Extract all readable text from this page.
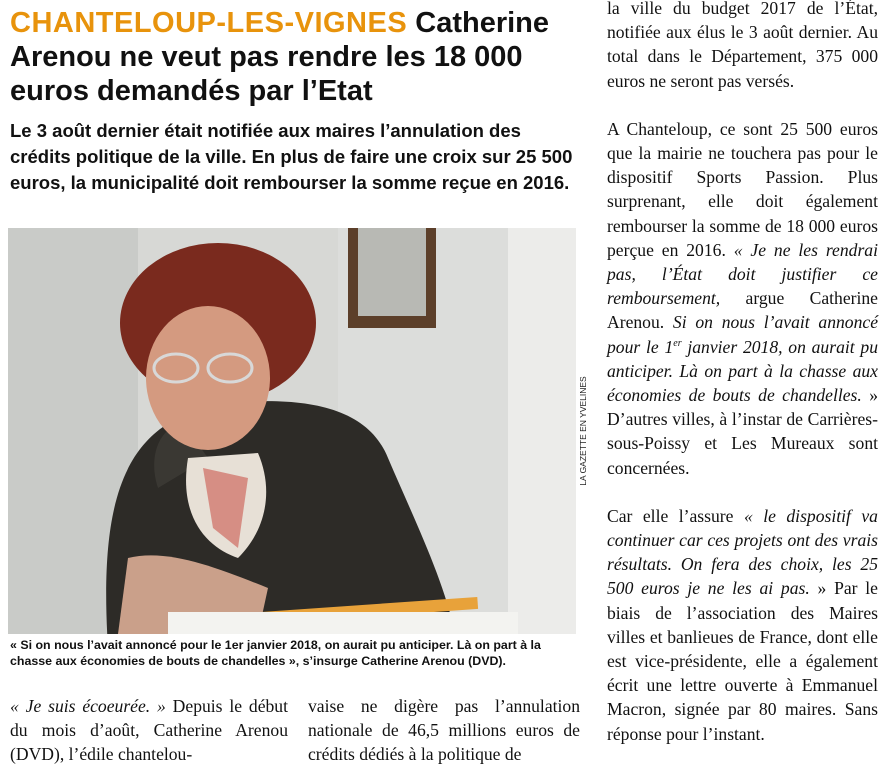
CHANTELOUP-LES-VIGNES Catherine Arenou ne veut pas rendre les 18 000 euros demandés par l’Etat
Le 3 août dernier était notifiée aux maires l’annulation des crédits politique de la ville. En plus de faire une croix sur 25 500 euros, la municipalité doit rembourser la somme reçue en 2016.
LA GAZETTE EN YVELINES
« Si on nous l’avait annoncé pour le 1er janvier 2018, on aurait pu anticiper. Là on part à la chasse aux économies de bouts de chandelles », s’insurge Catherine Arenou (DVD).

« Je suis écoeurée. » Depuis le début du mois d’août, Catherine Arenou (DVD), l’édile chantelou-

vaise ne digère pas l’annulation nationale de 46,5 millions euros de crédits dédiés à la politique de

la ville du budget 2017 de l’État, notifiée aux élus le 3 août dernier. Au total dans le Département, 375 000 euros ne seront pas versés.

A Chanteloup, ce sont 25 500 euros que la mairie ne touchera pas pour le dispositif Sports Passion. Plus surprenant, elle doit également rembourser la somme de 18 000 euros perçue en 2016. « Je ne les rendrai pas, l’État doit justifier ce remboursement, argue Catherine Arenou. Si on nous l’avait annoncé pour le 1er janvier 2018, on aurait pu anticiper. Là on part à la chasse aux économies de bouts de chandelles. » D’autres villes, à l’instar de Carrières-sous-Poissy et Les Mureaux sont concernées.

Car elle l’assure « le dispositif va continuer car ces projets ont des vrais résultats. On fera des choix, les 25 500 euros je ne les ai pas. » Par le biais de l’association des Maires villes et banlieues de France, dont elle est vice-présidente, elle a également écrit une lettre ouverte à Emmanuel Macron, signée par 80 maires. Sans réponse pour l’instant.
